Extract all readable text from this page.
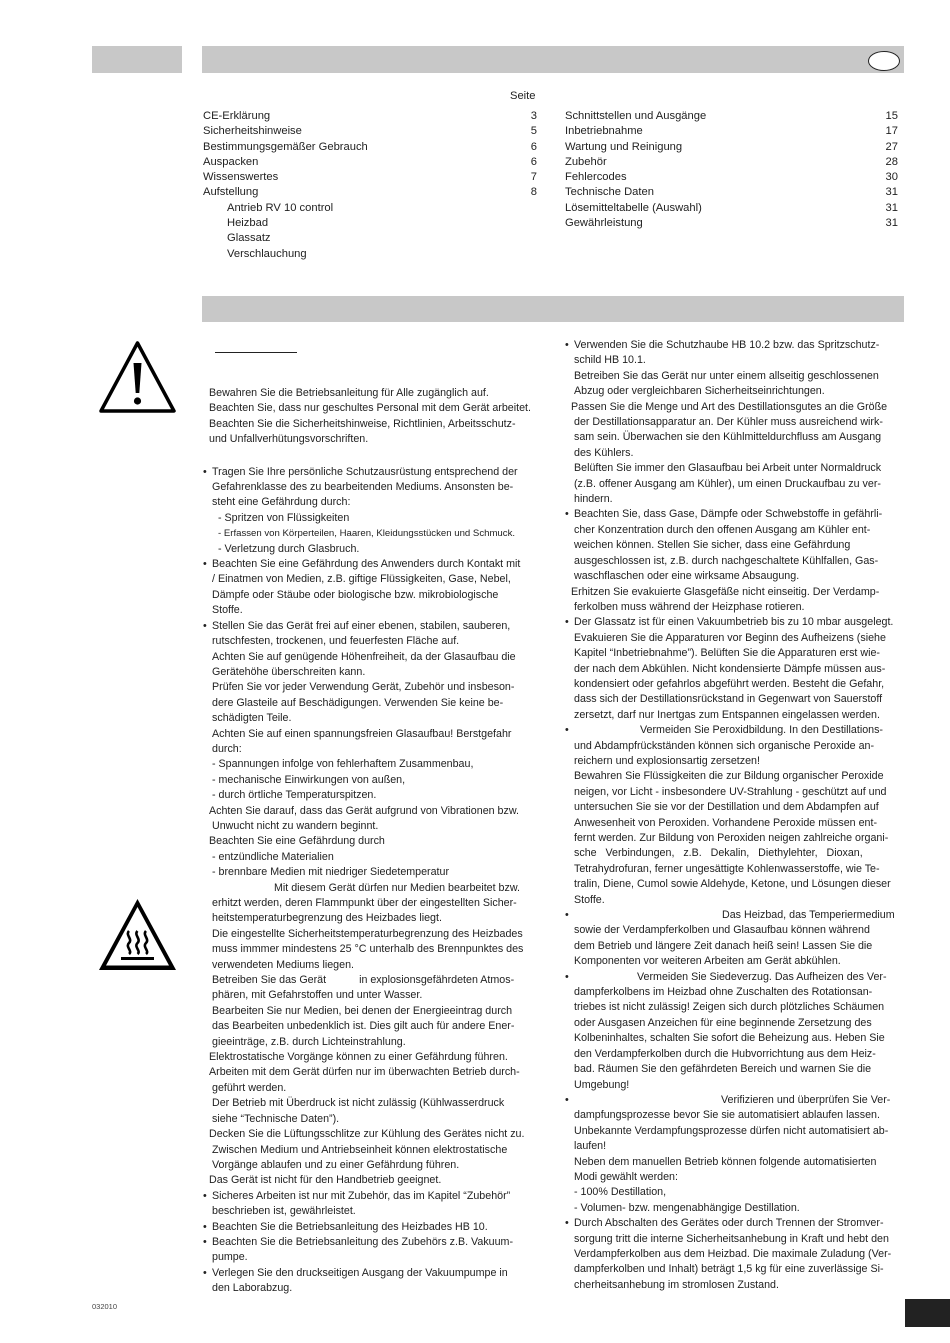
Seite
CE-Erklärung	3
Sicherheitshinweise	5
Bestimmungsgemäßer Gebrauch	6
Auspacken	6
Wissenswertes	7
Aufstellung	8
Antrieb RV 10 control
Heizbad
Glassatz
Verschlauchung
Schnittstellen und Ausgänge	15
Inbetriebnahme	17
Wartung und Reinigung	27
Zubehör	28
Fehlercodes	30
Technische Daten	31
Lösemitteltabelle (Auswahl)	31
Gewährleistung	31

Bewahren Sie die Betriebsanleitung für Alle zugänglich auf.

Beachten Sie, dass nur geschultes Personal mit dem Gerät arbeitet.

Beachten Sie die Sicherheitshinweise, Richtlinien, Arbeitsschutz-

und Unfallverhütungsvorschriften.

• Tragen Sie Ihre persönliche Schutzausrüstung entsprechend der

Gefahrenklasse des zu bearbeitenden Mediums. Ansonsten be-

steht eine Gefährdung durch:

- Spritzen von Flüssigkeiten

- Erfassen von Körperteilen, Haaren, Kleidungsstücken und Schmuck.

- Verletzung durch Glasbruch.

• Beachten Sie eine Gefährdung des Anwenders durch Kontakt mit

/ Einatmen von Medien, z.B. giftige Flüssigkeiten, Gase, Nebel,

Dämpfe oder Stäube oder biologische bzw. mikrobiologische

Stoffe.

• Stellen Sie das Gerät frei auf einer ebenen, stabilen, sauberen,

rutschfesten, trockenen, und feuerfesten Fläche auf.

Achten Sie auf genügende Höhenfreiheit, da der Glasaufbau die

Gerätehöhe überschreiten kann.

Prüfen Sie vor jeder Verwendung Gerät, Zubehör und insbeson-

dere Glasteile auf Beschädigungen. Verwenden Sie keine be-

schädigten Teile.

Achten Sie auf einen spannungsfreien Glasaufbau! Berstgefahr

durch:

- Spannungen infolge von fehlerhaftem Zusammenbau,

- mechanische Einwirkungen von außen,

- durch örtliche Temperaturspitzen.

Achten Sie darauf, dass das Gerät aufgrund von Vibrationen bzw.

Unwucht nicht zu wandern beginnt.

Beachten Sie eine Gefährdung durch

- entzündliche Materialien

- brennbare Medien mit niedriger Siedetemperatur

Mit diesem Gerät dürfen nur Medien bearbeitet bzw.

erhitzt werden, deren Flammpunkt über der eingestellten Sicher-

heitstemperaturbegrenzung des Heizbades liegt.

Die eingestellte Sicherheitstemperaturbegrenzung des Heizbades

muss immmer mindestens 25 °C unterhalb des Brennpunktes des

verwendeten Mediums liegen.

Betreiben Sie das Gerät	in explosionsgefährdeten Atmos-

phären, mit Gefahrstoffen und unter Wasser.

Bearbeiten Sie nur Medien, bei denen der Energieeintrag durch

das Bearbeiten unbedenklich ist. Dies gilt auch für andere Ener-

gieeinträge, z.B. durch Lichteinstrahlung.

Elektrostatische Vorgänge können zu einer Gefährdung führen.

Arbeiten mit dem Gerät dürfen nur im überwachten Betrieb durch-

geführt werden.

Der Betrieb mit Überdruck ist nicht zulässig (Kühlwasserdruck

siehe “Technische Daten”).

Decken Sie die Lüftungsschlitze zur Kühlung des Gerätes nicht zu.

Zwischen Medium und Antriebseinheit können elektrostatische

Vorgänge ablaufen und zu einer Gefährdung führen.

Das Gerät ist nicht für den Handbetrieb geeignet.

• Sicheres Arbeiten ist nur mit Zubehör, das im Kapitel “Zubehör”

beschrieben ist, gewährleistet.

• Beachten Sie die Betriebsanleitung des Heizbades HB 10.

• Beachten Sie die Betriebsanleitung des Zubehörs z.B. Vakuum-

pumpe.

• Verlegen Sie den druckseitigen Ausgang der Vakuumpumpe in

den Laborabzug.

• Verwenden Sie die Schutzhaube HB 10.2 bzw. das Spritzschutz-

schild HB 10.1.

Betreiben Sie das Gerät nur unter einem allseitig geschlossenen

Abzug oder vergleichbaren Sicherheitseinrichtungen.

Passen Sie die Menge und Art des Destillationsgutes an die Größe

der Destillationsapparatur an. Der Kühler muss ausreichend wirk-

sam sein. Überwachen sie den Kühlmitteldurchfluss am Ausgang

des Kühlers.

Belüften Sie immer den Glasaufbau bei Arbeit unter Normaldruck

(z.B. offener Ausgang am Kühler), um einen Druckaufbau zu ver-

hindern.

• Beachten Sie, dass Gase, Dämpfe oder Schwebstoffe in gefährli-

cher Konzentration durch den offenen Ausgang am Kühler ent-

weichen können. Stellen Sie sicher, dass eine Gefährdung

ausgeschlossen ist, z.B. durch nachgeschaltete Kühlfallen, Gas-

waschflaschen oder eine wirksame Absaugung.

Erhitzen Sie evakuierte Glasgefäße nicht einseitig. Der Verdamp-

ferkolben muss während der Heizphase rotieren.

• Der Glassatz ist für einen Vakuumbetrieb bis zu 10 mbar ausgelegt.

Evakuieren Sie die Apparaturen vor Beginn des Aufheizens (siehe

Kapitel “Inbetriebnahme”). Belüften Sie die Apparaturen erst wie-

der nach dem Abkühlen. Nicht kondensierte Dämpfe müssen aus-

kondensiert oder gefahrlos abgeführt werden. Besteht die Gefahr,

dass sich der Destillationsrückstand in Gegenwart von Sauerstoff

zersetzt, darf nur Inertgas zum Entspannen eingelassen werden.

• Vermeiden Sie Peroxidbildung. In den Destillations-

und Abdampfrückständen können sich organische Peroxide an-

reichern und explosionsartig zersetzen!

Bewahren Sie Flüssigkeiten die zur Bildung organischer Peroxide

neigen, vor Licht - insbesondere UV-Strahlung - geschützt auf und

untersuchen Sie sie vor der Destillation und dem Abdampfen auf

Anwesenheit von Peroxiden. Vorhandene Peroxide müssen ent-

fernt werden. Zur Bildung von Peroxiden neigen zahlreiche organi-

sche   Verbindungen,   z.B.   Dekalin,   Diethylehter,   Dioxan,

Tetrahydrofuran, ferner ungesättigte Kohlenwasserstoffe, wie Te-

tralin, Diene, Cumol sowie Aldehyde, Ketone, und Lösungen dieser

Stoffe.

• Das Heizbad, das Temperiermedium

sowie der Verdampferkolben und Glasaufbau können während

dem Betrieb und längere Zeit danach heiß sein! Lassen Sie die

Komponenten vor weiteren Arbeiten am Gerät abkühlen.

• Vermeiden Sie Siedeverzug. Das Aufheizen des Ver-

dampferkolbens im Heizbad ohne Zuschalten des Rotationsan-

triebes ist nicht zulässig! Zeigen sich durch plötzliches Schäumen

oder Ausgasen Anzeichen für eine beginnende Zersetzung des

Kolbeninhaltes, schalten Sie sofort die Beheizung aus. Heben Sie

den Verdampferkolben durch die Hubvorrichtung aus dem Heiz-

bad. Räumen Sie den gefährdeten Bereich und warnen Sie die

Umgebung!

• Verifizieren und überprüfen Sie Ver-

dampfungsprozesse bevor Sie sie automatisiert ablaufen lassen.

Unbekannte Verdampfungsprozesse dürfen nicht automatisiert ab-

laufen!

Neben dem manuellen Betrieb können folgende automatisierten

Modi gewählt werden:

- 100% Destillation,

- Volumen- bzw. mengenabhängige Destillation.

• Durch Abschalten des Gerätes oder durch Trennen der Stromver-

sorgung tritt die interne Sicherheitsanhebung in Kraft und hebt den

Verdampferkolben aus dem Heizbad. Die maximale Zuladung (Ver-

dampferkolben und Inhalt) beträgt 1,5 kg für eine zuverlässige Si-

cherheitsanhebung im stromlosen Zustand.

032010
